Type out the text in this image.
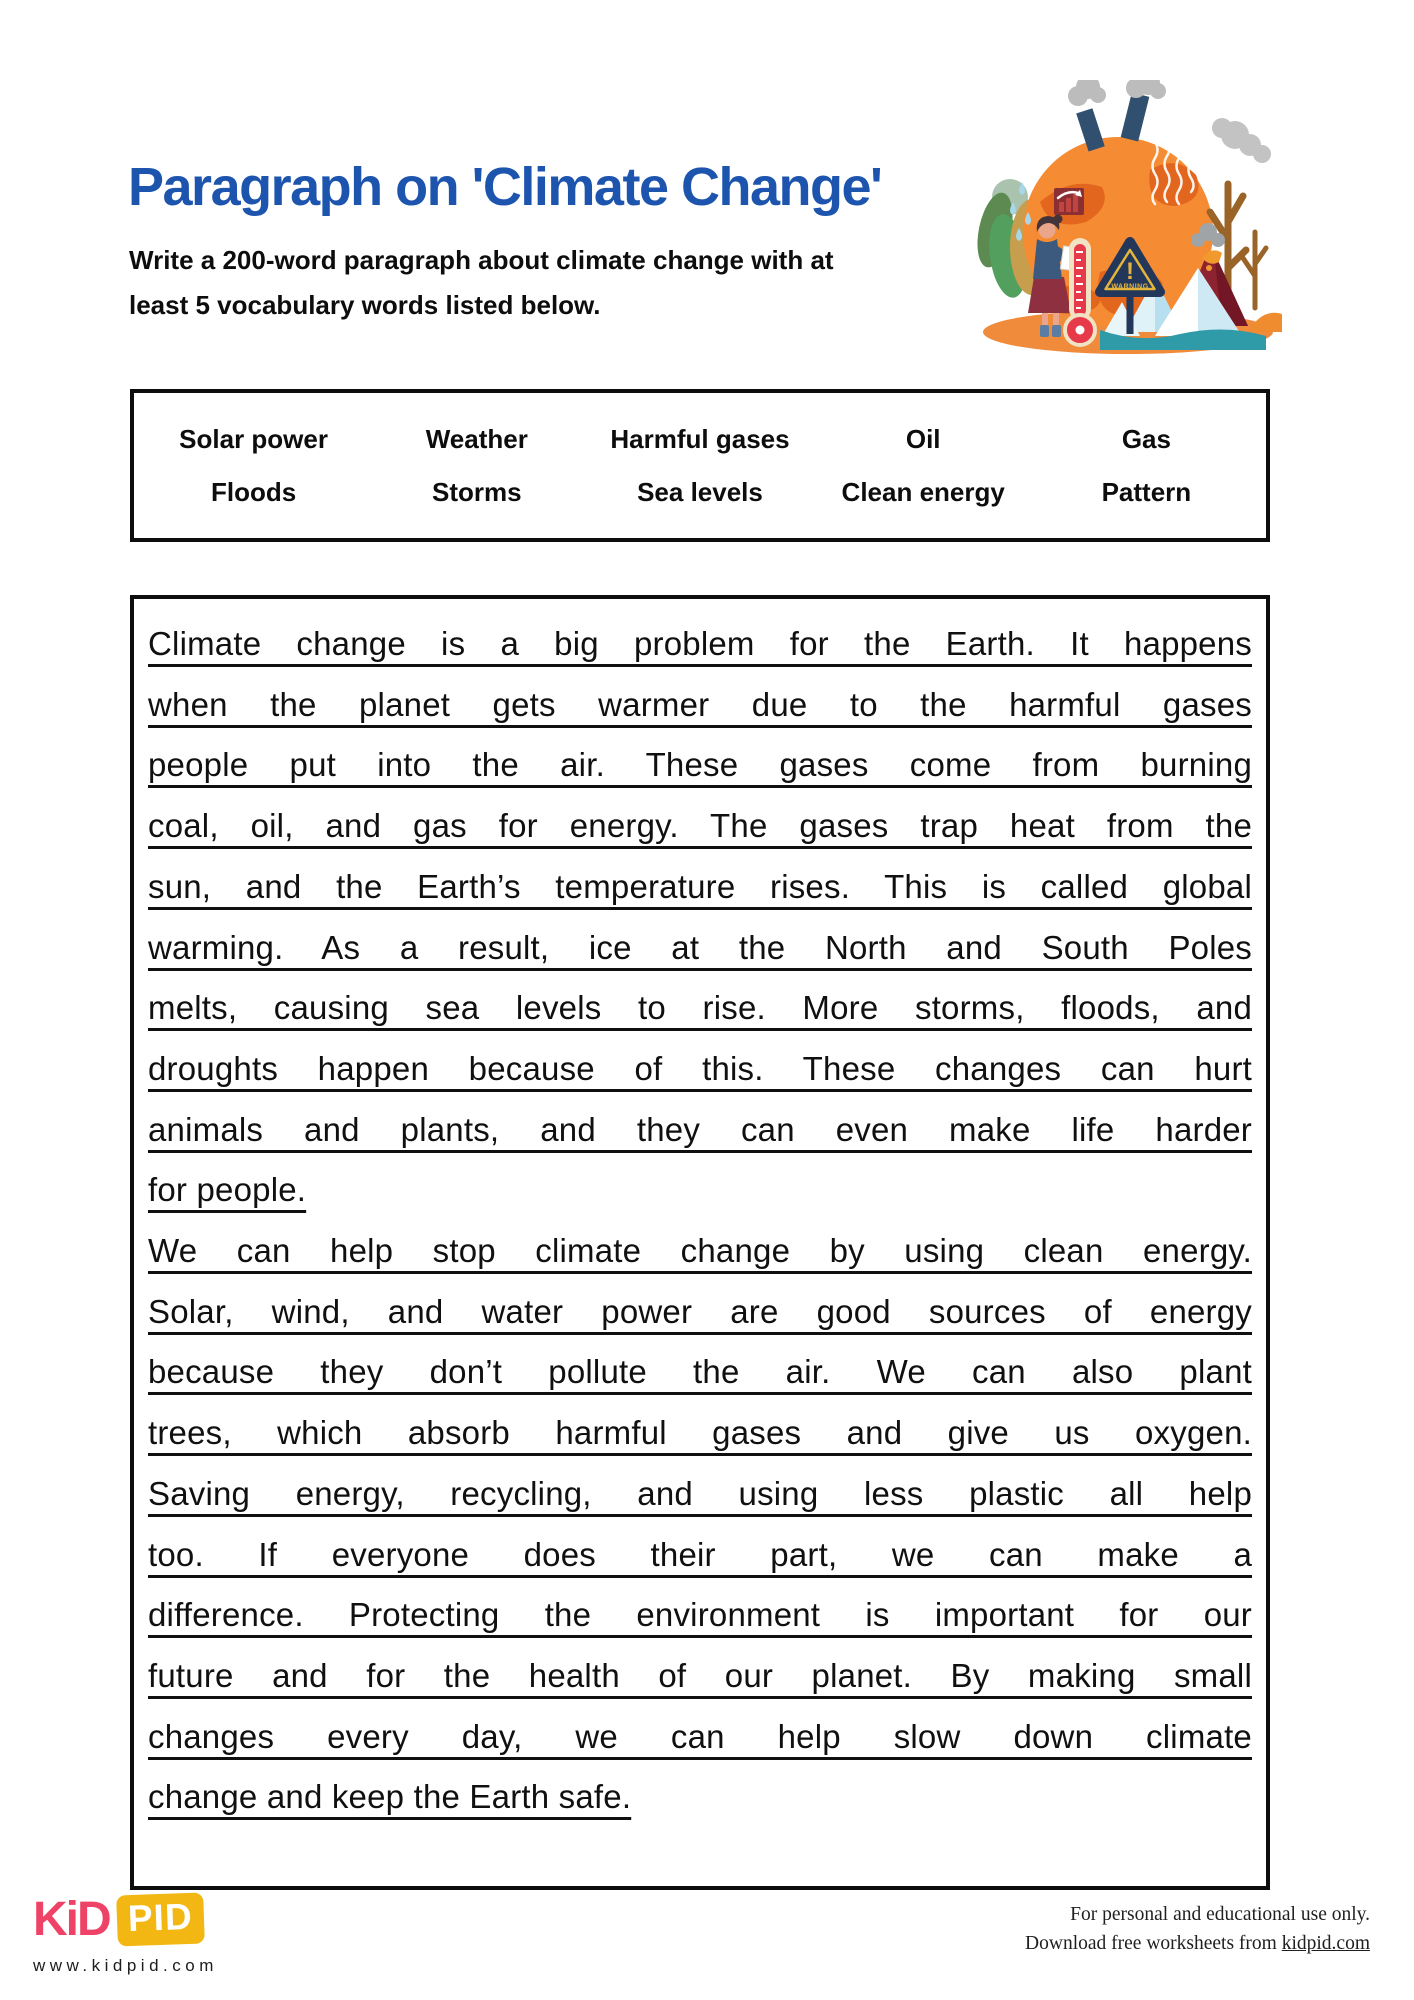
Paragraph on 'Climate Change'
Write a 200-word paragraph about climate change with at
least 5 vocabulary words listed below.
!
WARNING
Solar power	Weather	Harmful gases	Oil	Gas
Floods	Storms	Sea levels	Clean energy	Pattern
Climate change is a big problem for the Earth. It happens
when the planet gets warmer due to the harmful gases
people put into the air. These gases come from burning
coal, oil, and gas for energy. The gases trap heat from the
sun, and the Earth’s temperature rises. This is called global
warming. As a result, ice at the North and South Poles
melts, causing sea levels to rise. More storms, floods, and
droughts happen because of this. These changes can hurt
animals and plants, and they can even make life harder
for people.
We can help stop climate change by using clean energy.
Solar, wind, and water power are good sources of energy
because they don’t pollute the air. We can also plant
trees, which absorb harmful gases and give us oxygen.
Saving energy, recycling, and using less plastic all help
too. If everyone does their part, we can make a
difference. Protecting the environment is important for our
future and for the health of our planet. By making small
changes every day, we can help slow down climate
change and keep the Earth safe.
KiD PID
www.kidpid.com
For personal and educational use only.
Download free worksheets from kidpid.com
